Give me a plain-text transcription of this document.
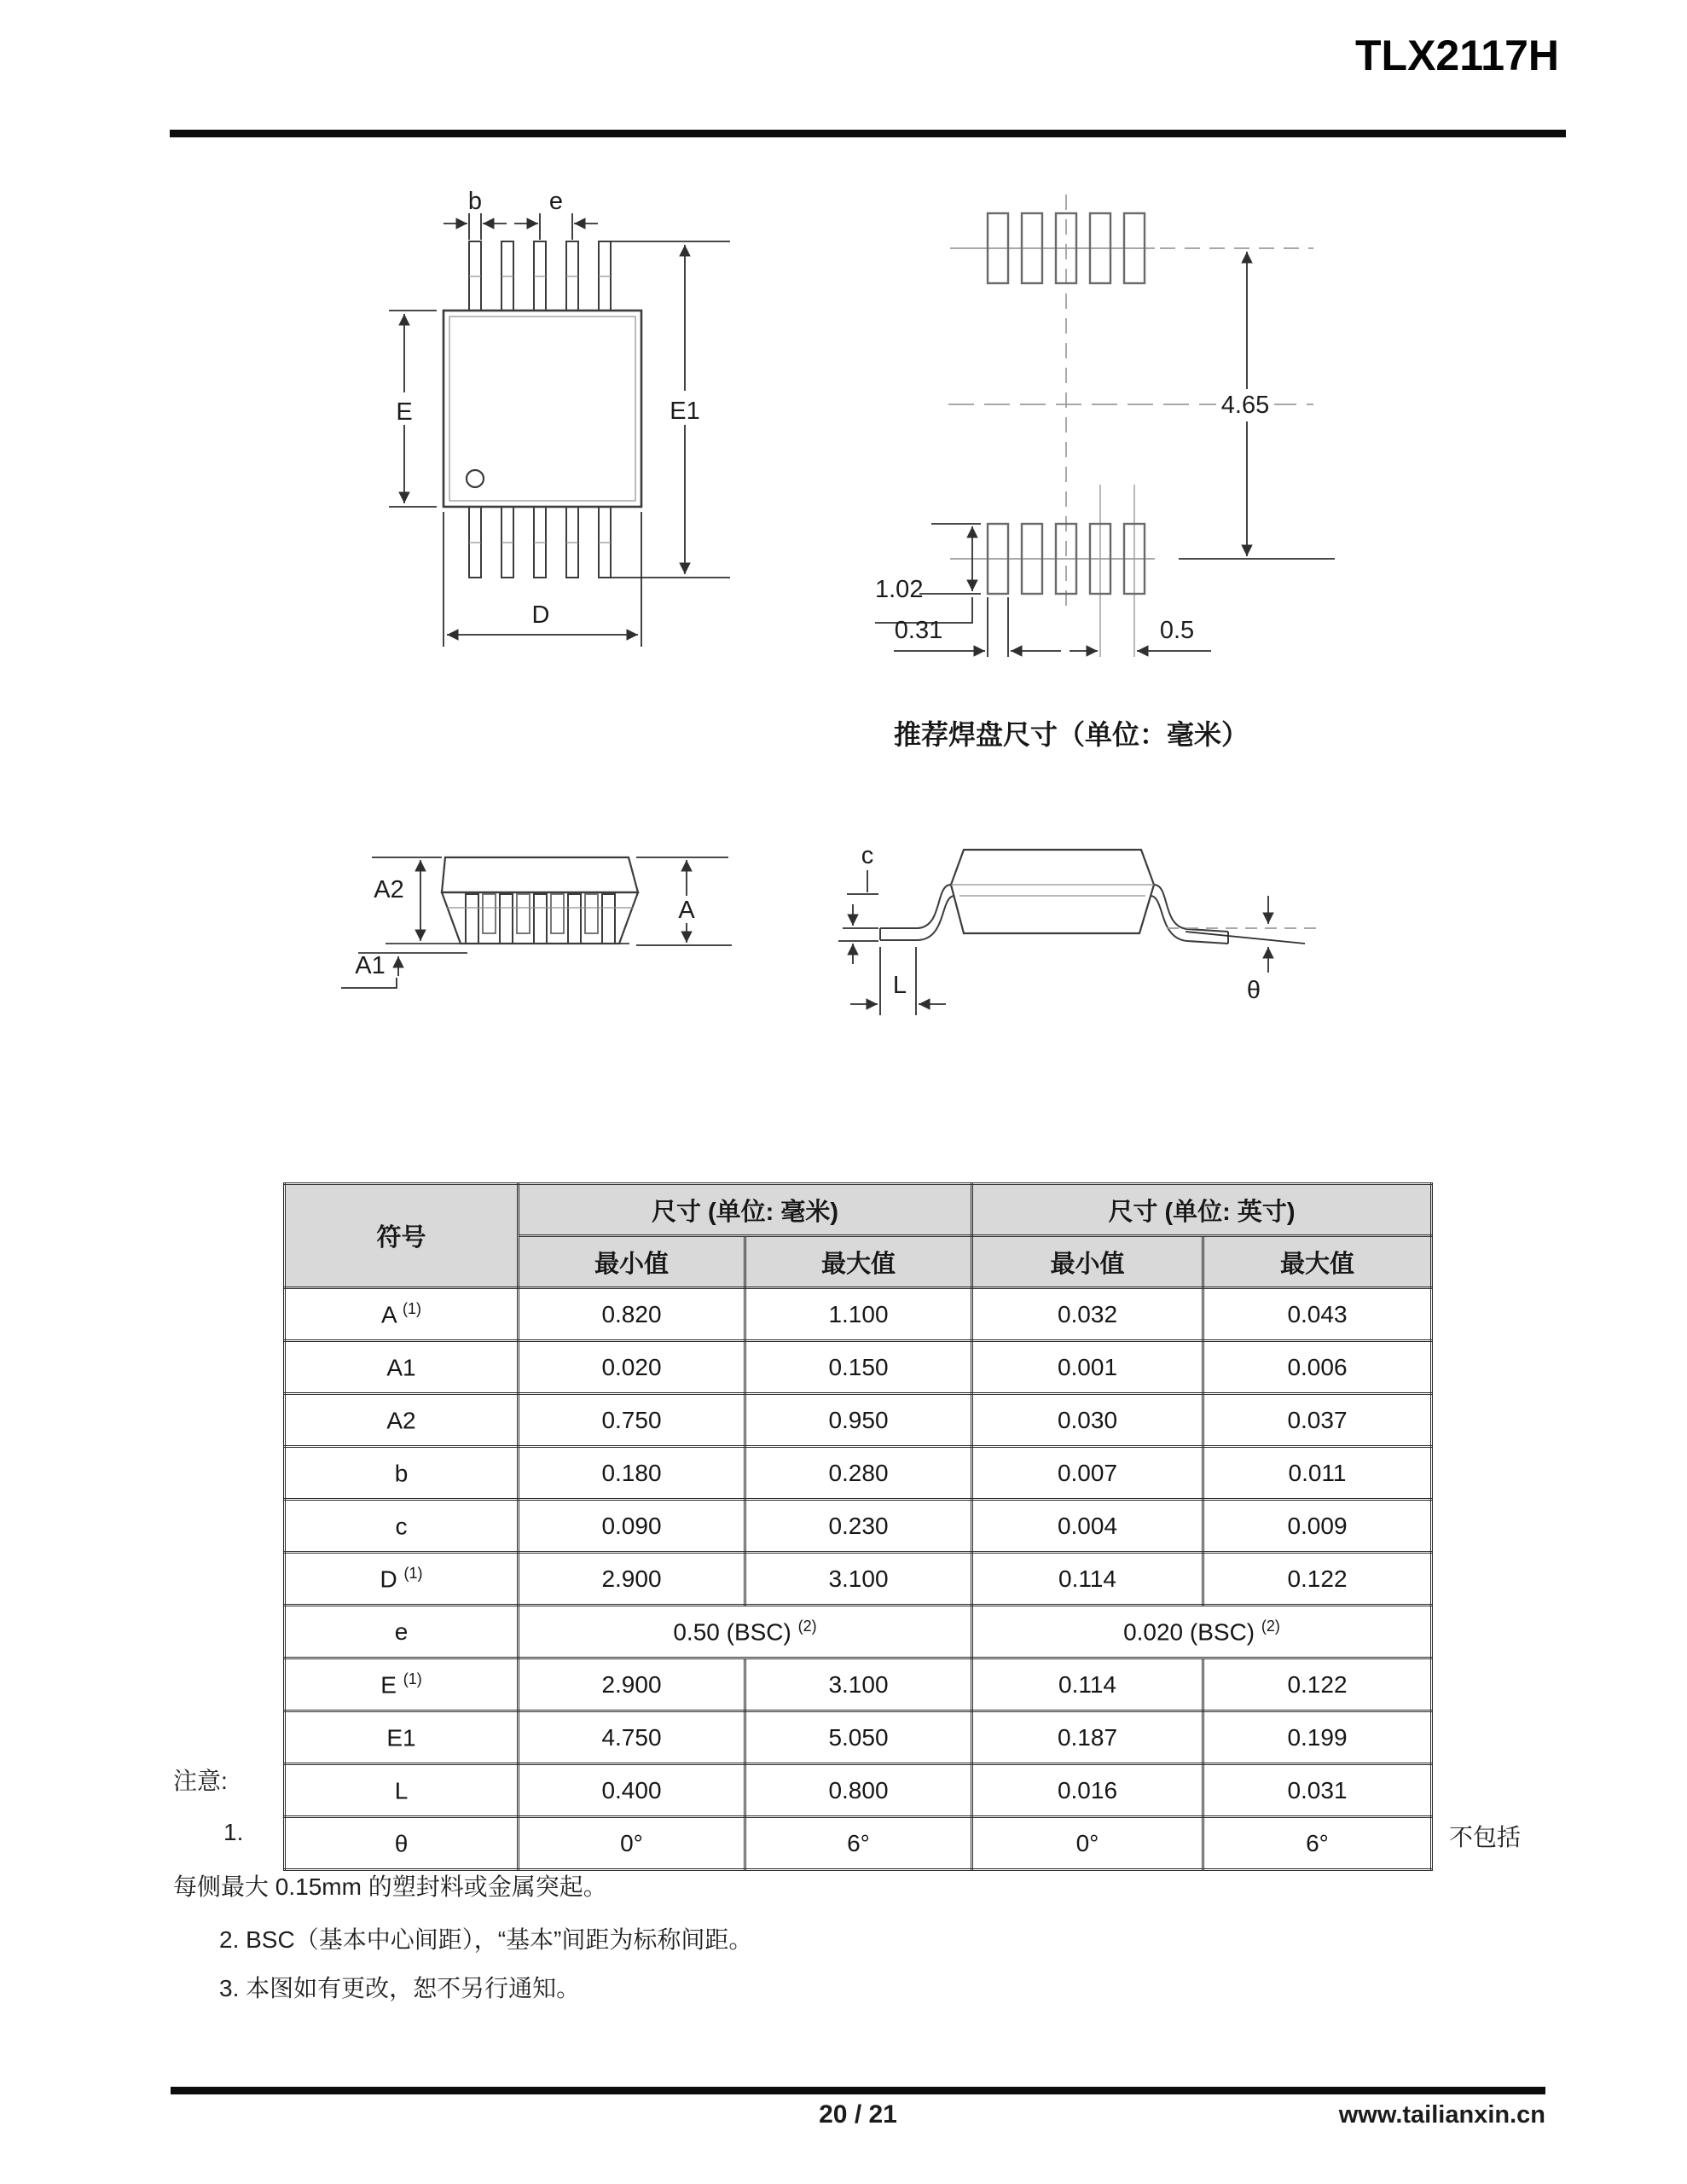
TLX2117H
b	e
E	E1
D
4.65
1.02
0.31	0.5
推荐焊盘尺寸（单位：毫米）
A2
A1
A
c
L	θ
符号	尺寸 (单位: 毫米)		尺寸 (单位: 英寸)	
	最小值	最大值	最小值	最大值
A $^{(1)}$	0.820	1.100	0.032	0.043
A1	0.020	0.150	0.001	0.006
A2	0.750	0.950	0.030	0.037
b	0.180	0.280	0.007	0.011
c	0.090	0.230	0.004	0.009
D $^{(1)}$	2.900	3.100	0.114	0.122
e	0.50 (BSC) $^{(2)}$		0.020 (BSC) $^{(2)}$
E $^{(1)}$	2.900	3.100	0.114	0.122
E1	4.750	5.050	0.187	0.199
L	0.400	0.800	0.016	0.031
θ	0°	6°	0°	6°
注意:
1.	不包括
每侧最大 0.15mm 的塑封料或金属突起。
2. BSC（基本中心间距），“基本”间距为标称间距。
3. 本图如有更改，恕不另行通知。
20 / 21	www.tailianxin.cn
